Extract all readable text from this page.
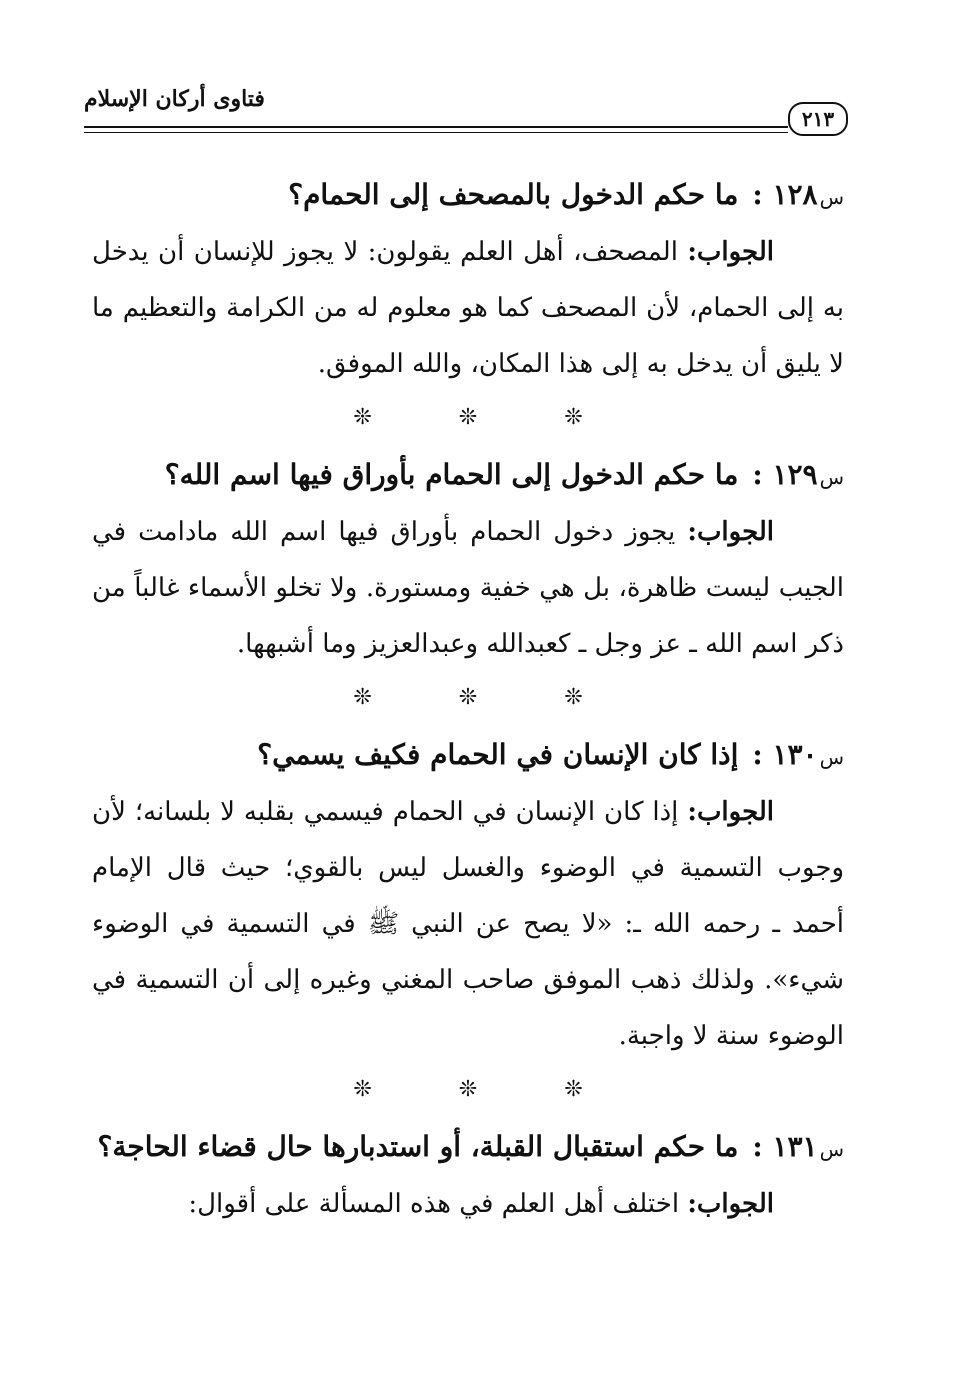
فتاوى أركان الإسلام
٢١٣

س١٢٨ :ما حكم الدخول بالمصحف إلى الحمام؟

الجواب: المصحف، أهل العلم يقولون: لا يجوز للإنسان أن يدخل به إلى الحمام، لأن المصحف كما هو معلوم له من الكرامة والتعظيم ما لا يليق أن يدخل به إلى هذا المكان، والله الموفق.

❊ ❊ ❊

س١٢٩ :ما حكم الدخول إلى الحمام بأوراق فيها اسم الله؟

الجواب: يجوز دخول الحمام بأوراق فيها اسم الله مادامت في الجيب ليست ظاهرة، بل هي خفية ومستورة. ولا تخلو الأسماء غالباً من ذكر اسم الله ـ عز وجل ـ كعبدالله وعبدالعزيز وما أشبهها.

❊ ❊ ❊

س١٣٠ :إذا كان الإنسان في الحمام فكيف يسمي؟

الجواب: إذا كان الإنسان في الحمام فيسمي بقلبه لا بلسانه؛ لأن وجوب التسمية في الوضوء والغسل ليس بالقوي؛ حيث قال الإمام أحمد ـ رحمه الله ـ: «لا يصح عن النبي ﷺ في التسمية في الوضوء شيء». ولذلك ذهب الموفق صاحب المغني وغيره إلى أن التسمية في الوضوء سنة لا واجبة.

❊ ❊ ❊

س١٣١ :ما حكم استقبال القبلة، أو استدبارها حال قضاء الحاجة؟

الجواب: اختلف أهل العلم في هذه المسألة على أقوال:
